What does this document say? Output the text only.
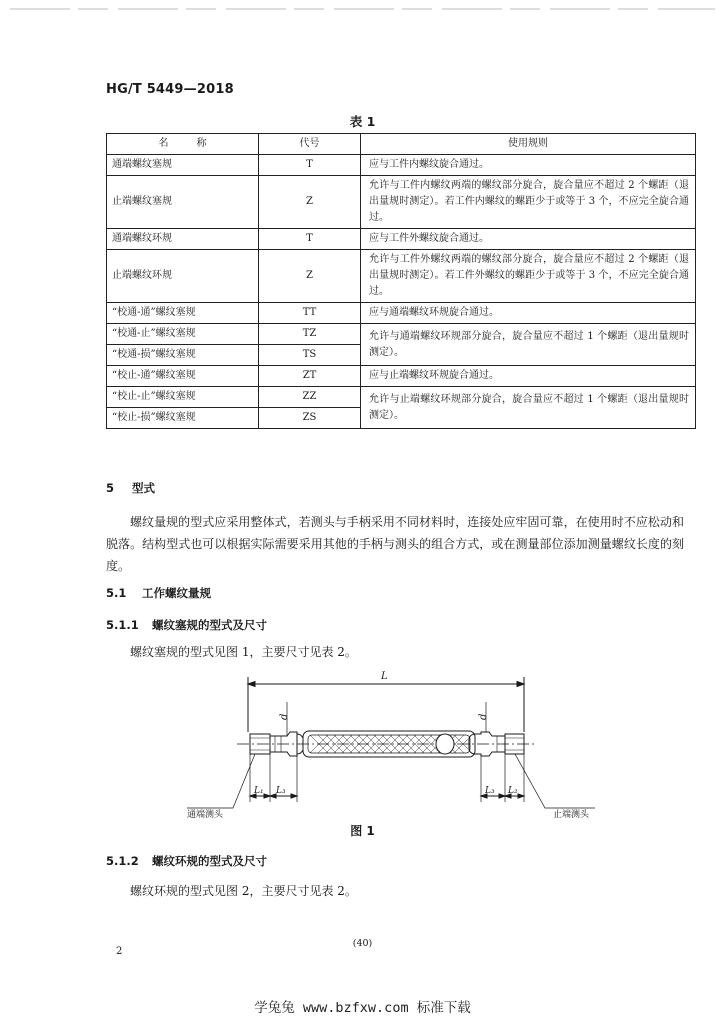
HG/T 5449—2018
表 1
名称	代号	使用规则
通端螺纹塞规	T	应与工件内螺纹旋合通过。
止端螺纹塞规	Z	允许与工件内螺纹两端的螺纹部分旋合，旋合量应不超过 2 个螺距（退出量规时测定）。若工件内螺纹的螺距少于或等于 3 个，不应完全旋合通过。
通端螺纹环规	T	应与工件外螺纹旋合通过。
止端螺纹环规	Z	允许与工件外螺纹两端的螺纹部分旋合，旋合量应不超过 2 个螺距（退出量规时测定）。若工件外螺纹的螺距少于或等于 3 个，不应完全旋合通过。
“校通-通”螺纹塞规	TT	应与通端螺纹环规旋合通过。
“校通-止”螺纹塞规	TZ	允许与通端螺纹环规部分旋合，旋合量应不超过 1 个螺距（退出量规时测定）。
“校通-损”螺纹塞规	TS	
“校止-通”螺纹塞规	ZT	应与止端螺纹环规旋合通过。
“校止-止”螺纹塞规	ZZ	允许与止端螺纹环规部分旋合，旋合量应不超过 1 个螺距（退出量规时测定）。
“校止-损”螺纹塞规	ZS	
5 型式
螺纹量规的型式应采用整体式，若测头与手柄采用不同材料时，连接处应牢固可靠，在使用时不应松动和脱落。结构型式也可以根据实际需要采用其他的手柄与测头的组合方式，或在测量部位添加测量螺纹长度的刻度。
5.1 工作螺纹量规
5.1.1 螺纹塞规的型式及尺寸
螺纹塞规的型式见图 1，主要尺寸见表 2。
L
d	d
L₁ L₃	L₃ L₂
通端测头	止端测头
图 1
5.1.2 螺纹环规的型式及尺寸
螺纹环规的型式见图 2，主要尺寸见表 2。
2
(40)
学兔兔 www.bzfxw.com 标准下载
